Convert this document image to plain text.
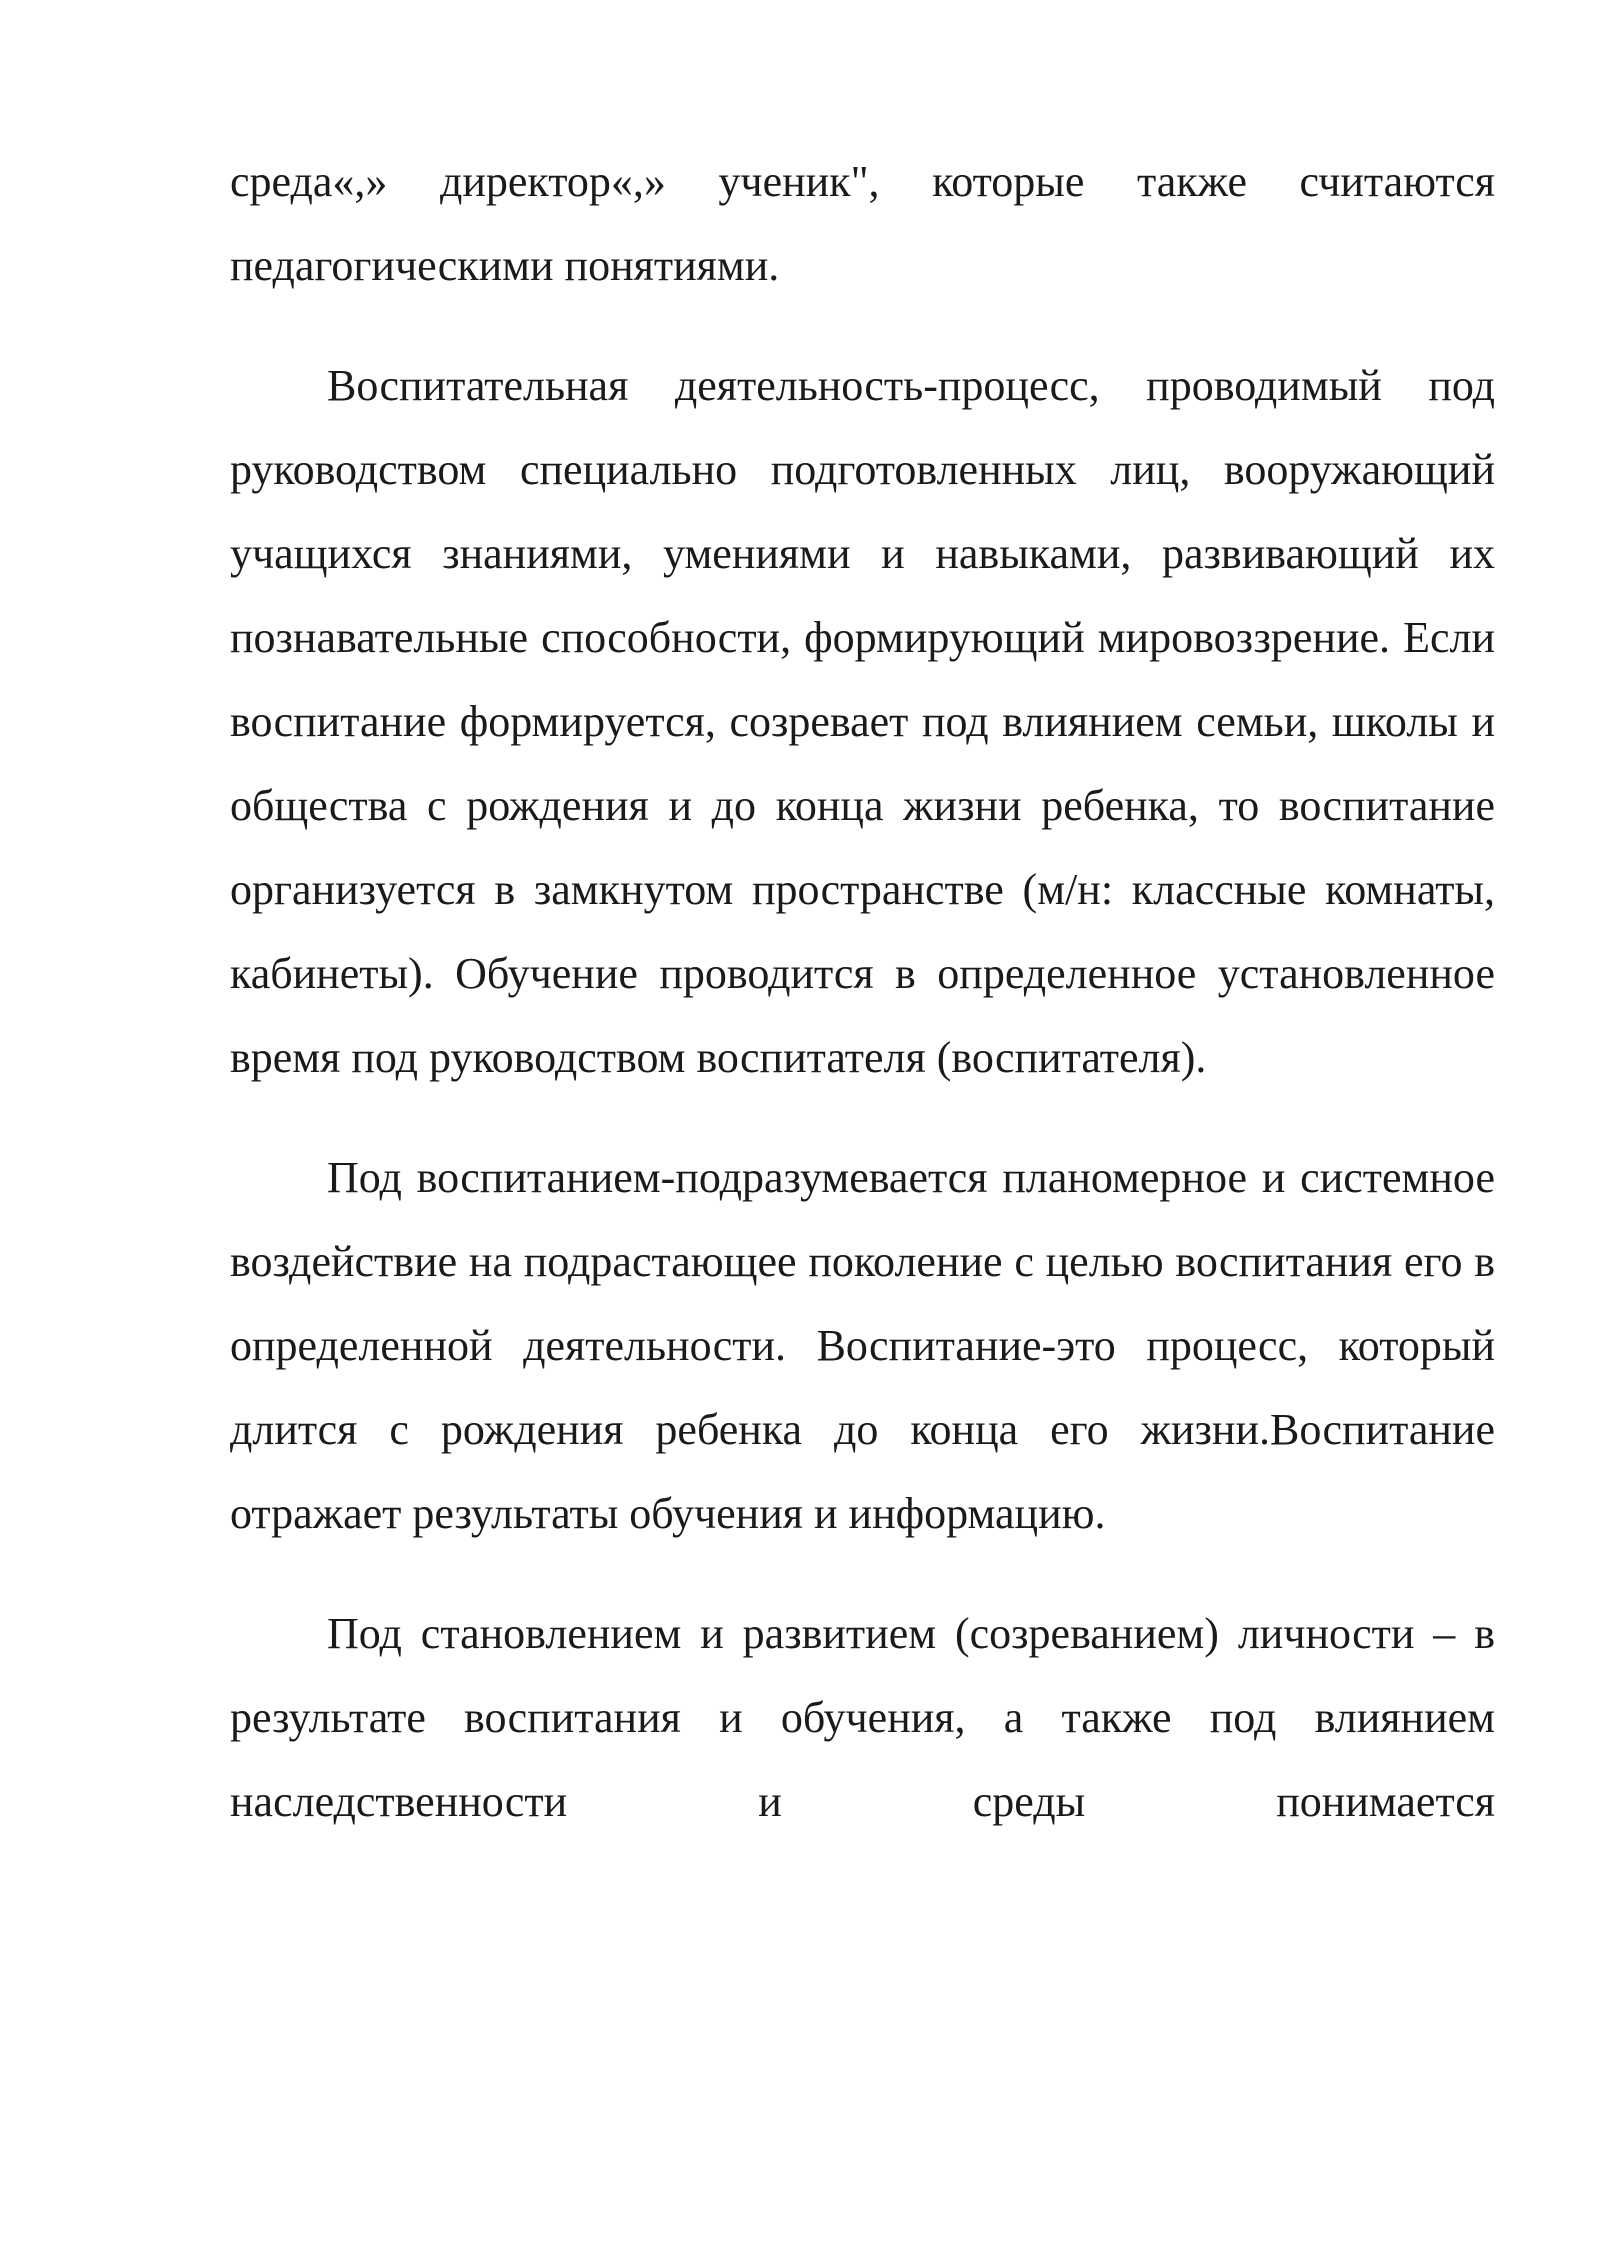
среда«,» директор«,» ученик", которые также считаются педагогическими понятиями.

Воспитательная деятельность-процесс, проводимый под руководством специально подготовленных лиц, вооружающий учащихся знаниями, умениями и навыками, развивающий их познавательные способности, формирующий мировоззрение. Если воспитание формируется, созревает под влиянием семьи, школы и общества с рождения и до конца жизни ребенка, то воспитание организуется в замкнутом пространстве (м/н: классные комнаты, кабинеты). Обучение проводится в определенное установленное время под руководством воспитателя (воспитателя).

Под воспитанием-подразумевается планомерное и системное воздействие на подрастающее поколение с целью воспитания его в определенной деятельности. Воспитание-это процесс, который длится с рождения ребенка до конца его жизни.Воспитание отражает результаты обучения и информацию.

Под становлением и развитием (созреванием) личности – в результате воспитания и обучения, а также под влиянием наследственности и среды понимается
